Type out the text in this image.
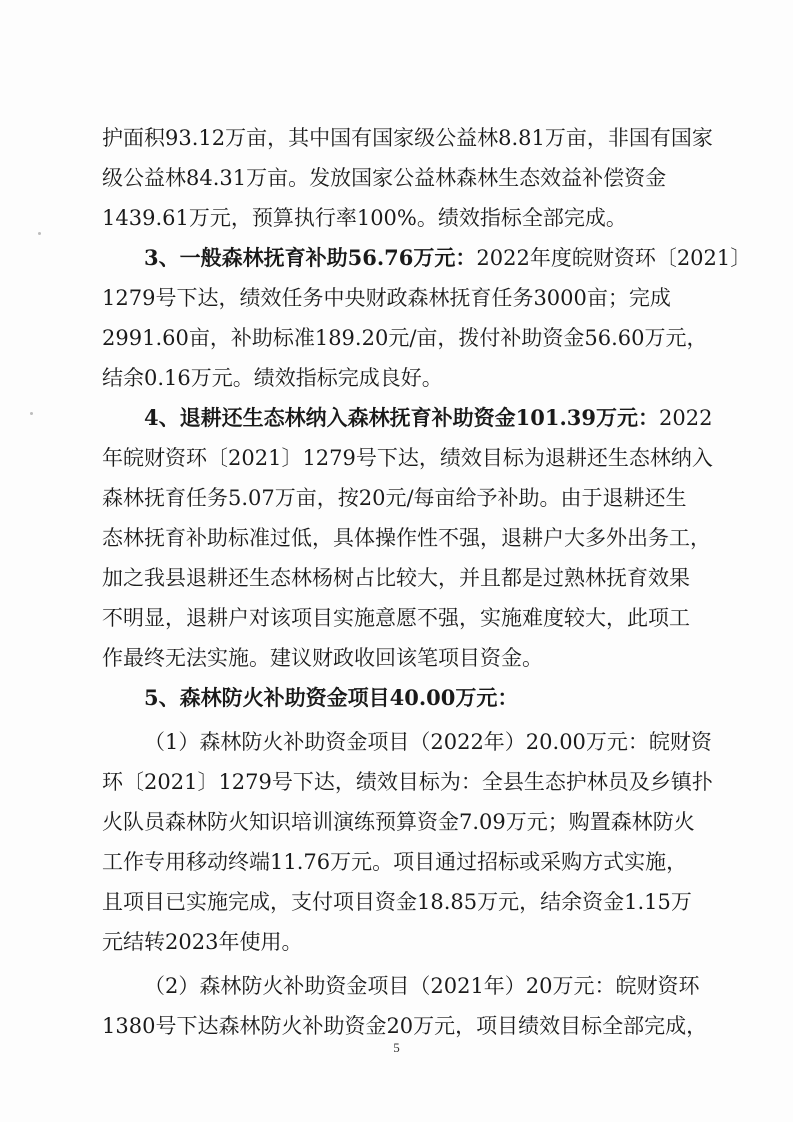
护面积93.12万亩，其中国有国家级公益林8.81万亩，非国有国家
级公益林84.31万亩。发放国家公益林森林生态效益补偿资金
1439.61万元，预算执行率100%。绩效指标全部完成。
3、一般森林抚育补助56.76万元：2022年度皖财资环〔2021〕
1279号下达，绩效任务中央财政森林抚育任务3000亩；完成
2991.60亩，补助标准189.20元/亩，拨付补助资金56.60万元，
结余0.16万元。绩效指标完成良好。
4、退耕还生态林纳入森林抚育补助资金101.39万元：2022
年皖财资环〔2021〕1279号下达，绩效目标为退耕还生态林纳入
森林抚育任务5.07万亩，按20元/每亩给予补助。由于退耕还生
态林抚育补助标准过低，具体操作性不强，退耕户大多外出务工，
加之我县退耕还生态林杨树占比较大，并且都是过熟林抚育效果
不明显，退耕户对该项目实施意愿不强，实施难度较大，此项工
作最终无法实施。建议财政收回该笔项目资金。
5、森林防火补助资金项目40.00万元：
（1）森林防火补助资金项目（2022年）20.00万元：皖财资
环〔2021〕1279号下达，绩效目标为：全县生态护林员及乡镇扑
火队员森林防火知识培训演练预算资金7.09万元；购置森林防火
工作专用移动终端11.76万元。项目通过招标或采购方式实施，
且项目已实施完成，支付项目资金18.85万元，结余资金1.15万
元结转2023年使用。
（2）森林防火补助资金项目（2021年）20万元：皖财资环
1380号下达森林防火补助资金20万元，项目绩效目标全部完成，
5
